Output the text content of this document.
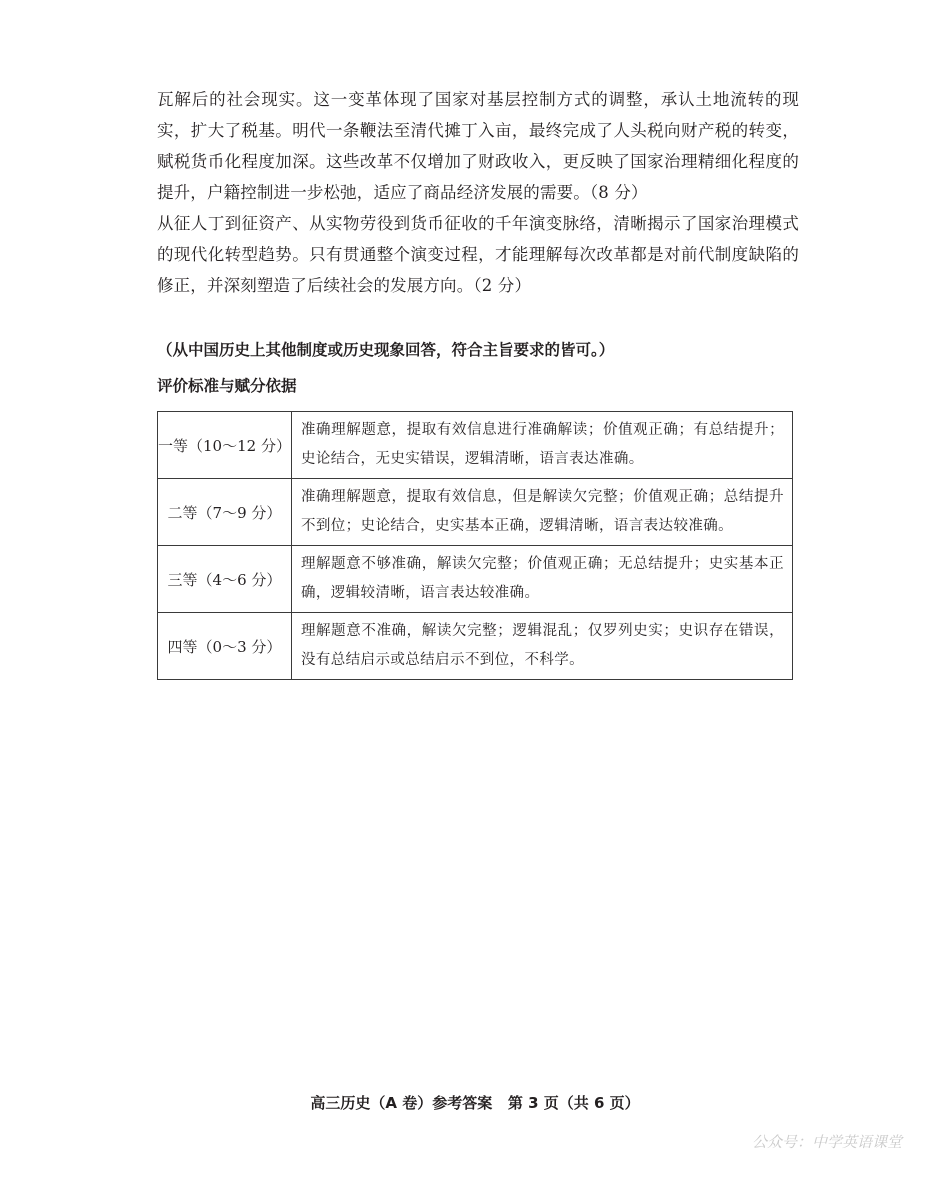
瓦解后的社会现实。这一变革体现了国家对基层控制方式的调整，承认土地流转的现实，扩大了税基。明代一条鞭法至清代摊丁入亩，最终完成了人头税向财产税的转变，赋税货币化程度加深。这些改革不仅增加了财政收入，更反映了国家治理精细化程度的提升，户籍控制进一步松弛，适应了商品经济发展的需要。（8 分）

从征人丁到征资产、从实物劳役到货币征收的千年演变脉络，清晰揭示了国家治理模式的现代化转型趋势。只有贯通整个演变过程，才能理解每次改革都是对前代制度缺陷的修正，并深刻塑造了后续社会的发展方向。（2 分）

（从中国历史上其他制度或历史现象回答，符合主旨要求的皆可。）
评价标准与赋分依据
一等（10～12 分）	准确理解题意，提取有效信息进行准确解读；价值观正确；有总结提升；史论结合，无史实错误，逻辑清晰，语言表达准确。
二等（7～9 分）	准确理解题意，提取有效信息，但是解读欠完整；价值观正确；总结提升不到位；史论结合，史实基本正确，逻辑清晰，语言表达较准确。
三等（4～6 分）	理解题意不够准确，解读欠完整；价值观正确；无总结提升；史实基本正确，逻辑较清晰，语言表达较准确。
四等（0～3 分）	理解题意不准确，解读欠完整；逻辑混乱；仅罗列史实；史识存在错误，没有总结启示或总结启示不到位，不科学。
高三历史（A 卷）参考答案 第 3 页（共 6 页）
公众号：中学英语课堂
